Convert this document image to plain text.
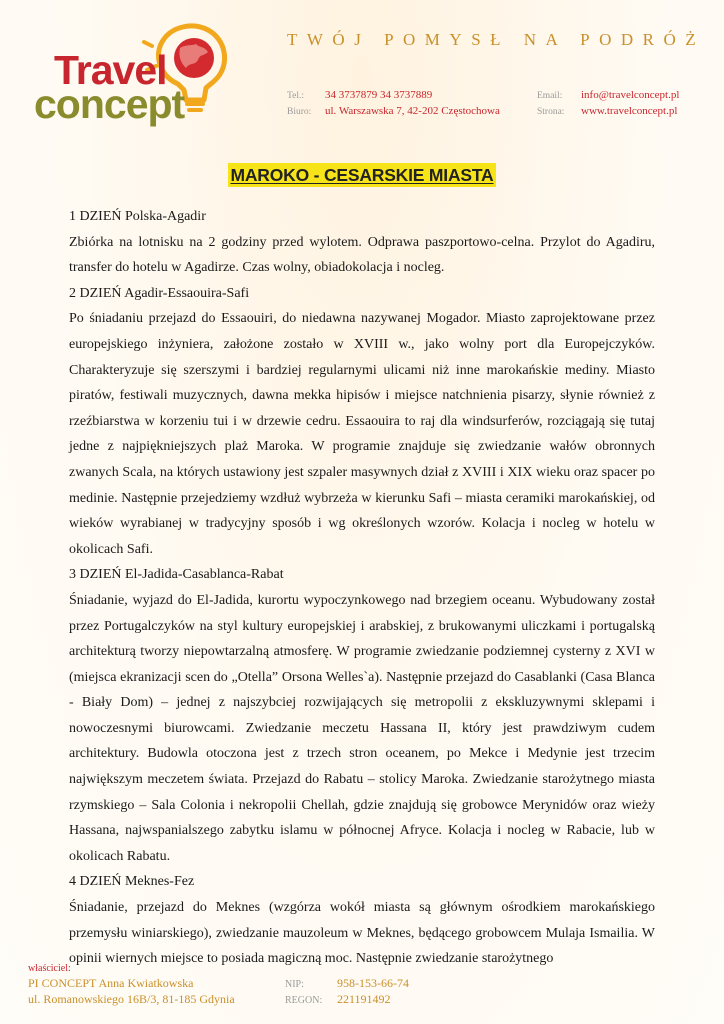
Travel
concept
TWÓJ POMYSŁ NA PODRÓŻ
Tel.: 34 3737879 34 3737889
Biuro: ul. Warszawska 7, 42-202 Częstochowa
Email: info@travelconcept.pl
Strona: www.travelconcept.pl
MAROKO - CESARSKIE MIASTA

1 DZIEŃ Polska-Agadir

Zbiórka na lotnisku na 2 godziny przed wylotem. Odprawa paszportowo-celna. Przylot do Agadiru, transfer do hotelu w Agadirze. Czas wolny, obiadokolacja i nocleg.

2 DZIEŃ Agadir-Essaouira-Safi

Po śniadaniu przejazd do Essaouiri, do niedawna nazywanej Mogador. Miasto zaprojektowane przez europejskiego inżyniera, założone zostało w XVIII w., jako wolny port dla Europejczyków. Charakteryzuje się szerszymi i bardziej regularnymi ulicami niż inne marokańskie mediny. Miasto piratów, festiwali muzycznych, dawna mekka hipisów i miejsce natchnienia pisarzy, słynie również z rzeźbiarstwa w korzeniu tui i w drzewie cedru. Essaouira to raj dla windsurferów, rozciągają się tutaj jedne z najpiękniejszych plaż Maroka. W programie znajduje się zwiedzanie wałów obronnych zwanych Scala, na których ustawiony jest szpaler masywnych dział z XVIII i XIX wieku oraz spacer po medinie. Następnie przejedziemy wzdłuż wybrzeża w kierunku Safi – miasta ceramiki marokańskiej, od wieków wyrabianej w tradycyjny sposób i wg określonych wzorów. Kolacja i nocleg w hotelu w okolicach Safi.

3 DZIEŃ El-Jadida-Casablanca-Rabat

Śniadanie, wyjazd do El-Jadida, kurortu wypoczynkowego nad brzegiem oceanu. Wybudowany został przez Portugalczyków na styl kultury europejskiej i arabskiej, z brukowanymi uliczkami i portugalską architekturą tworzy niepowtarzalną atmosferę. W programie zwiedzanie podziemnej cysterny z XVI w (miejsca ekranizacji scen do „Otella” Orsona Welles`a). Następnie przejazd do Casablanki (Casa Blanca - Biały Dom) – jednej z najszybciej rozwijających się metropolii z ekskluzywnymi sklepami i nowoczesnymi biurowcami. Zwiedzanie meczetu Hassana II, który jest prawdziwym cudem architektury. Budowla otoczona jest z trzech stron oceanem, po Mekce i Medynie jest trzecim największym meczetem świata. Przejazd do Rabatu – stolicy Maroka. Zwiedzanie starożytnego miasta rzymskiego – Sala Colonia i nekropolii Chellah, gdzie znajdują się grobowce Merynidów oraz wieży Hassana, najwspanialszego zabytku islamu w północnej Afryce. Kolacja i nocleg w Rabacie, lub w okolicach Rabatu.

4 DZIEŃ Meknes-Fez

Śniadanie, przejazd do Meknes (wzgórza wokół miasta są głównym ośrodkiem marokańskiego przemysłu winiarskiego), zwiedzanie mauzoleum w Meknes, będącego grobowcem Mulaja Ismailia. W opinii wiernych miejsce to posiada magiczną moc. Następnie zwiedzanie starożytnego

właściciel:
PI CONCEPT Anna Kwiatkowska
ul. Romanowskiego 16B/3, 81-185 Gdynia
NIP:	958-153-66-74
REGON: 221191492
